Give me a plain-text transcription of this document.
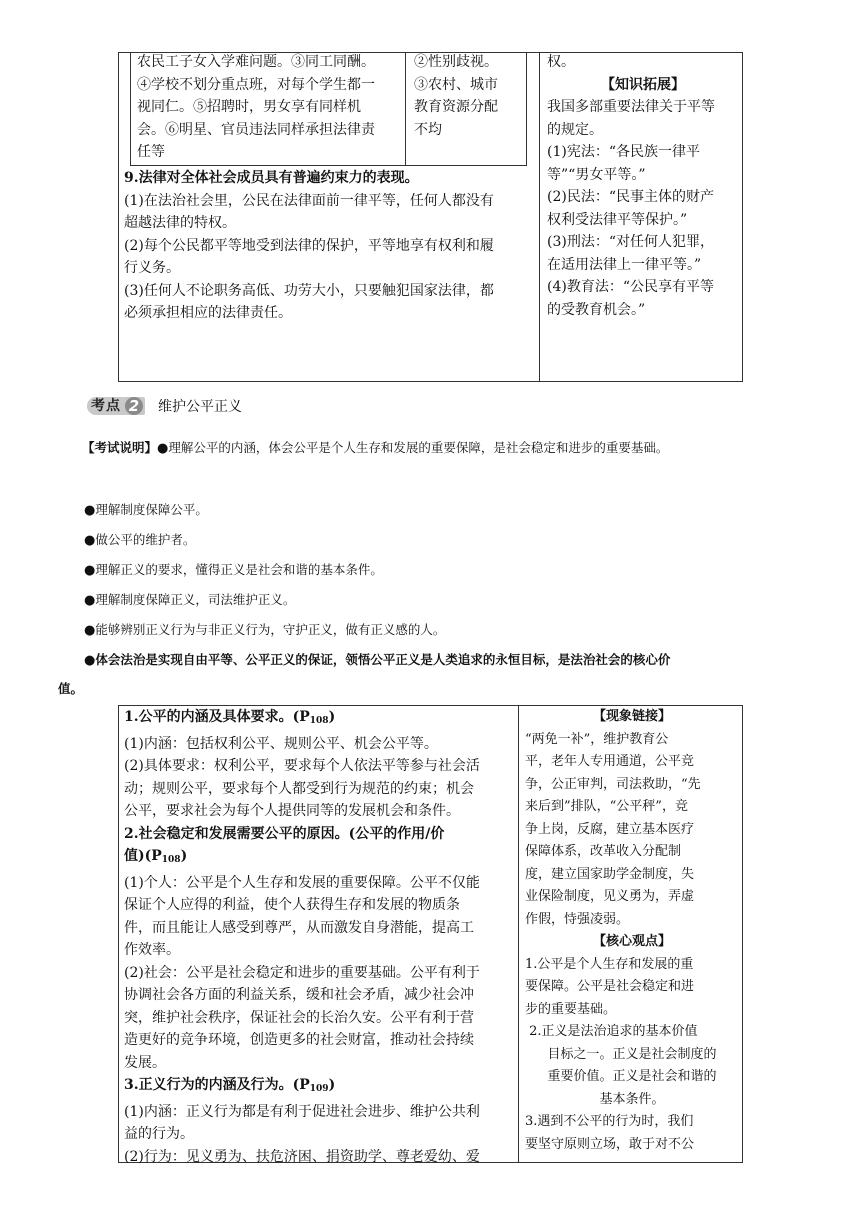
农民工子女入学难问题。③同工同酬。
④学校不划分重点班，对每个学生都一
视同仁。⑤招聘时，男女享有同样机
会。⑥明星、官员违法同样承担法律责
任等
②性别歧视。
③农村、城市
教育资源分配
不均
9.法律对全体社会成员具有普遍约束力的表现。
(1)在法治社会里，公民在法律面前一律平等，任何人都没有
超越法律的特权。
(2)每个公民都平等地受到法律的保护，平等地享有权利和履
行义务。
(3)任何人不论职务高低、功劳大小，只要触犯国家法律，都
必须承担相应的法律责任。
权。
【知识拓展】
我国多部重要法律关于平等
的规定。
(1)宪法：“各民族一律平
等”“男女平等。”
(2)民法：“民事主体的财产
权利受法律平等保护。”
(3)刑法：“对任何人犯罪，
在适用法律上一律平等。”
(4)教育法：“公民享有平等
的受教育机会。”
考点 2 维护公平正义
【考试说明】●理解公平的内涵，体会公平是个人生存和发展的重要保障，是社会稳定和进步的重要基础。
●理解制度保障公平。
●做公平的维护者。
●理解正义的要求，懂得正义是社会和谐的基本条件。
●理解制度保障正义，司法维护正义。
●能够辨别正义行为与非正义行为，守护正义，做有正义感的人。
●体会法治是实现自由平等、公平正义的保证，领悟公平正义是人类追求的永恒目标，是法治社会的核心价
值。
1.公平的内涵及具体要求。$(P_{108})$
(1)内涵：包括权利公平、规则公平、机会公平等。
(2)具体要求：权利公平，要求每个人依法平等参与社会活
动；规则公平，要求每个人都受到行为规范的约束；机会
公平，要求社会为每个人提供同等的发展机会和条件。
2.社会稳定和发展需要公平的原因。(公平的作用/价
值)$(P_{108})$
(1)个人：公平是个人生存和发展的重要保障。公平不仅能
保证个人应得的利益，使个人获得生存和发展的物质条
件，而且能让人感受到尊严，从而激发自身潜能，提高工
作效率。
(2)社会：公平是社会稳定和进步的重要基础。公平有利于
协调社会各方面的利益关系，缓和社会矛盾，减少社会冲
突，维护社会秩序，保证社会的长治久安。公平有利于营
造更好的竞争环境，创造更多的社会财富，推动社会持续
发展。
3.正义行为的内涵及行为。$(P_{109})$
(1)内涵：正义行为都是有利于促进社会进步、维护公共利
益的行为。
(2)行为：见义勇为、扶危济困、捐资助学、尊老爱幼、爱
【现象链接】
“两免一补”，维护教育公
平，老年人专用通道，公平竞
争，公正审判，司法救助，“先
来后到”排队，“公平秤”，竞
争上岗，反腐，建立基本医疗
保障体系，改革收入分配制
度，建立国家助学金制度，失
业保险制度，见义勇为，弄虚
作假，恃强凌弱。
【核心观点】
1.公平是个人生存和发展的重
要保障。公平是社会稳定和进
步的重要基础。
2.正义是法治追求的基本价值
目标之一。正义是社会制度的
重要价值。正义是社会和谐的
基本条件。
3.遇到不公平的行为时，我们
要坚守原则立场，敢于对不公
